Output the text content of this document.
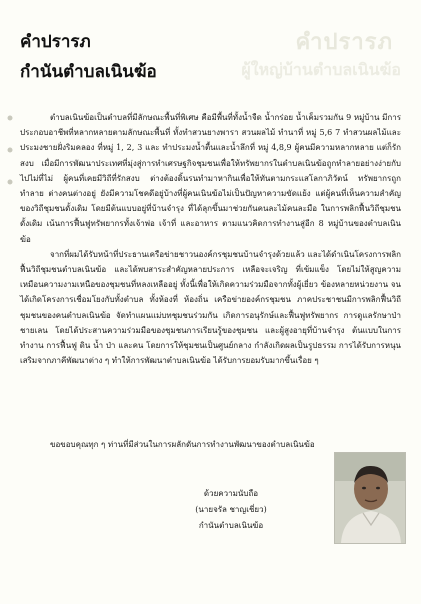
คำปรารภ
ผู้ใหญ่บ้านตำบลเนินฆ้อ
คำปรารภ
กำนันตำบลเนินฆ้อ

ตำบลเนินฆ้อเป็นตำบลที่มีลักษณะพื้นที่พิเศษ คือมีพื้นที่ทั้งน้ำจืด น้ำกร่อย น้ำเค็มรวมกัน 9 หมู่บ้าน มีการประกอบอาชีพที่หลากหลายตามลักษณะพื้นที่ ทั้งทำสวนยางพารา สวนผลไม้ ทำนาที่ หมู่ 5,6 7 ทำสวนผลไม้และประมงชายฝั่งริมคลอง ที่หมู่ 1, 2, 3 และ ทำประมงน้ำตื้นและน้ำลึกที่ หมู่ 4,8,9 ผู้คนมีความหลากหลาย แต่ก็รักสงบ เมื่อมีการพัฒนาประเทศที่มุ่งสู่การทำเศรษฐกิจชุมชนเพื่อให้ทรัพยากรในตำบลเนินฆ้อถูกทำลายอย่างง่ายกับไปไม่ที่ไม่ ผู้คนที่เคยมีวิถีที่รักสงบ ต่างต้องดิ้นรนทำมาหากินเพื่อให้ทันตามกระแสโลกาภิวัตน์ ทรัพยากรถูกทำลาย ต่างคนต่างอยู่ ยังมีความโชคดีอยู่บ้างที่ผู้คนเนินฆ้อไม่เป็นปัญหาความขัดแย้ง แต่ผู้คนที่เห็นความสำคัญของวิถีชุมชนดั้งเดิม โดยมีต้นแบบอยู่ที่บ้านจำรุง ที่ได้ลุกขึ้นมาช่วยกันคนละไม้คนละมือ ในการพลิกฟื้นวิถีชุมชนดั้งเดิม เน้นการฟื้นฟูทรัพยากรทั้งเจ้าพ่อ เจ้าที่ และอาหาร ตามแนวคิดการทำงานสู่อีก 8 หมู่บ้านของตำบลเนินฆ้อ

จากที่ผมได้รับหน้าที่ประธานเครือข่ายชาวนองค์กรชุมชนบ้านจำรุงด้วยแล้ว และได้ดำเนินโครงการพลิกฟื้นวิถีชุมชนตำบลเนินฆ้อ และได้พบสาระสำคัญหลายประการ เหลือจะเจริญ ที่เข้มแข็ง โดยไม่ให้สูญความเหมือนความงามเหนือของชุมชนที่หลงเหลืออยู่ ทั้งนี้เพื่อให้เกิดความร่วมมือจากทั้งผู้เยี่ยว ข้องหลายหน่วยงาน จนได้เกิดโครงการเชื่อมโยงกับทั้งตำบล ทั้งห้องที่ ห้องถิ่น เครือข่ายองค์กรชุมชน ภาคประชาชนมีการพลิกฟื้นวิถีชุมชนของคนตำบลเนินฆ้อ จัดทำแผนแม่บทชุมชนร่วมกัน เกิดการอนุรักษ์และฟื้นฟูทรัพยากร การดูแลรักษาป่าชายเลน โดยได้ประสานความร่วมมือของชุมชนการเรียนรู้ของชุมชน และผู้สูงอายุที่บ้านจำรุง ต้นแบบในการทำงาน การฟื้นฟู ดิน น้ำ ป่า และคน โดยการให้ชุมชนเป็นศูนย์กลาง กำลังเกิดผลเป็นรูปธรรม การได้รับการหนุนเสริมจากภาคีพัฒนาต่าง ๆ ทำให้การพัฒนาตำบลเนินฆ้อ ได้รับการยอมรับมากขึ้นเรื่อย ๆ

ขอขอบคุณทุก ๆ ท่านที่มีส่วนในการผลักดันการทำงานพัฒนาของตำบลเนินฆ้อ
ด้วยความนับถือ
(นายจรัล ชาญเชี่ยว)
กำนันตำบลเนินฆ้อ
